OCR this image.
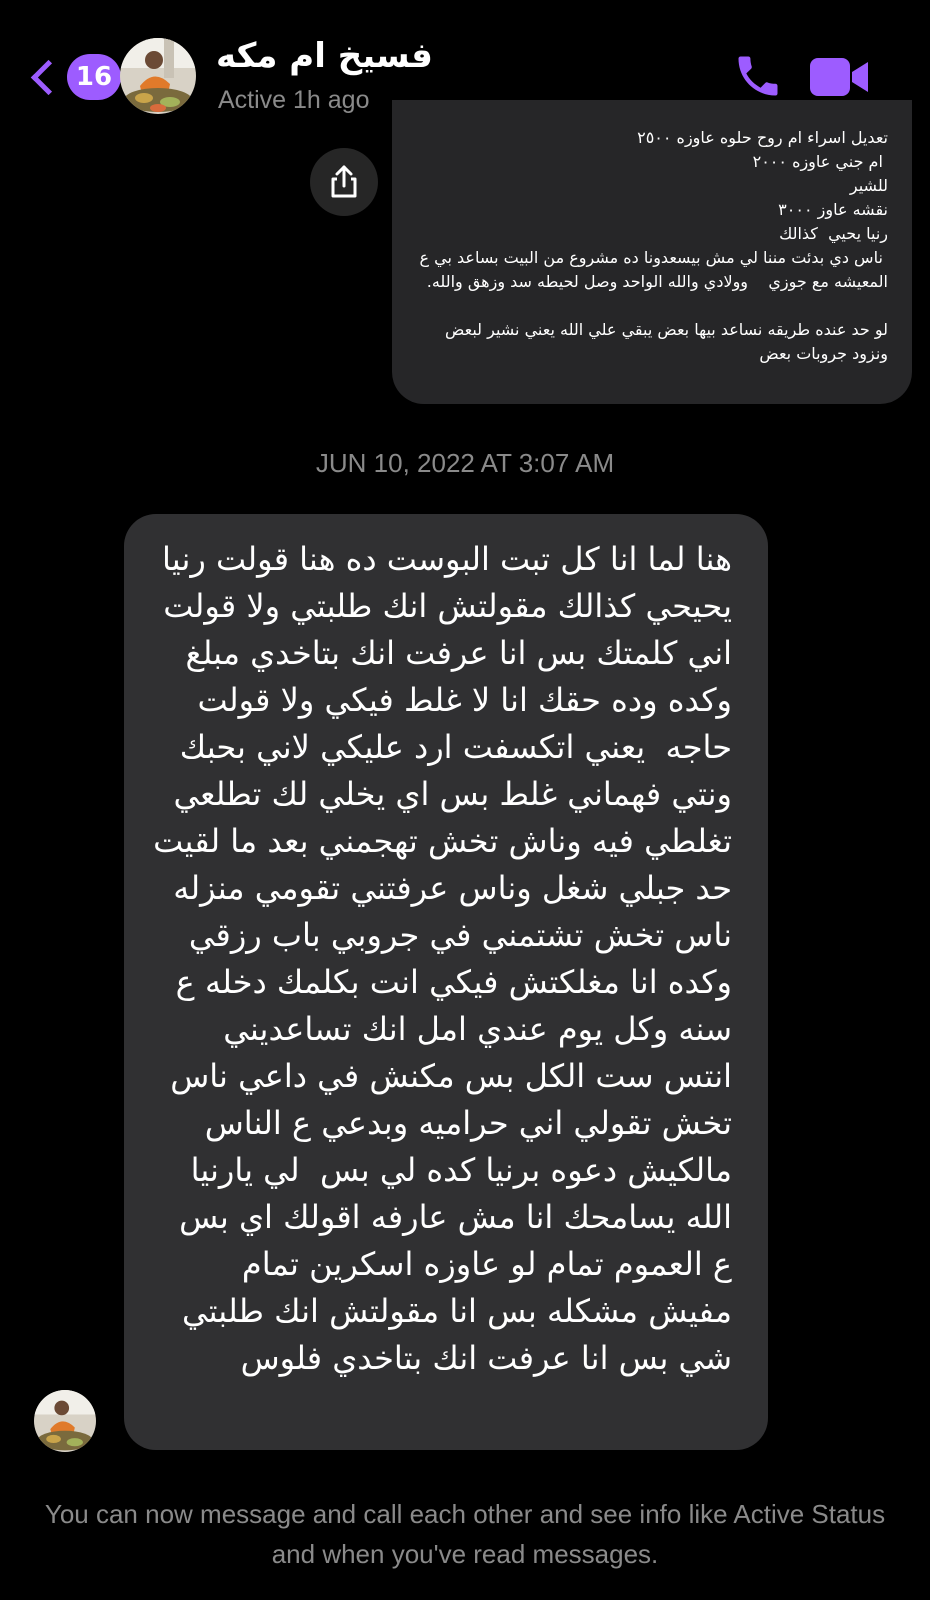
16
فسيخ ام مكه
Active 1h ago
تعديل اسراء ام روح حلوه عاوزه ٢٥٠٠
ام جني عاوزه ٢٠٠٠
للشير
نقشه عاوز ٣٠٠٠
رنيا يحيي  كذالك
ناس دي بدئت مننا لي مش بيسعدونا ده مشروع من البيت بساعد بي ع المعيشه مع جوزي    وولادي والله الواحد وصل لحيطه سد وزهق والله.

لو حد عنده طريقه نساعد بيها بعض يبقي علي الله يعني نشير لبعض ونزود جروبات بعض
JUN 10, 2022 AT 3:07 AM
هنا لما انا كل تبت البوست ده هنا قولت رنيا يحيحي كذالك مقولتش انك طلبتي ولا قولت اني كلمتك بس انا عرفت انك بتاخدي مبلغ وكده وده حقك انا لا غلط فيكي ولا قولت حاجه  يعني اتكسفت ارد عليكي لاني بحبك ونتي فهماني غلط بس اي يخلي لك تطلعي تغلطي فيه وناش تخش تهجمني بعد ما لقيت حد جبلي شغل وناس عرفتني تقومي منزله ناس تخش تشتمني في جروبي باب رزقي وكده انا مغلكتش فيكي انت بكلمك دخله ع سنه وكل يوم عندي امل انك تساعديني انتس ست الكل بس مكنش في داعي ناس تخش تقولي اني حراميه وبدعي ع الناس مالكيش دعوه برنيا كده لي بس  لي يارنيا الله يسامحك انا مش عارفه اقولك اي بس ع العموم تمام لو عاوزه اسكرين تمام مفيش مشكله بس انا مقولتش انك طلبتي شي بس انا عرفت انك بتاخدي فلوس
You can now message and call each other and see info like Active Status and when you've read messages.
